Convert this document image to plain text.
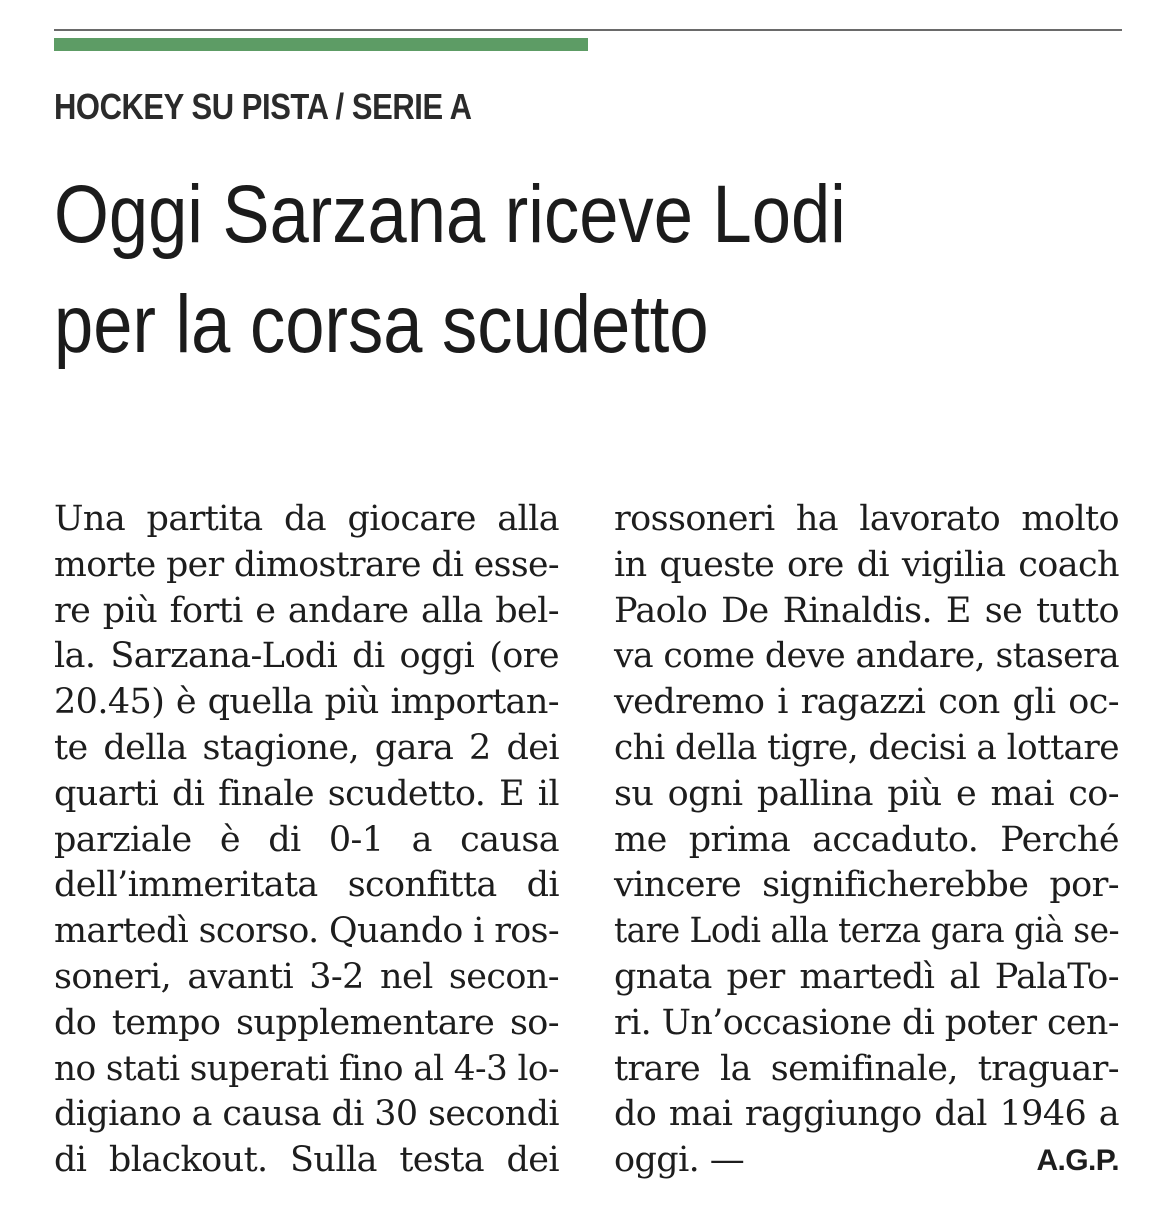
HOCKEY SU PISTA / SERIE A
Oggi Sarzana riceve Lodi
per la corsa scudetto
Una partita da giocare alla
morte per dimostrare di esse-
re più forti e andare alla bel-
la. Sarzana-Lodi di oggi (ore
20.45) è quella più importan-
te della stagione, gara 2 dei
quarti di finale scudetto. E il
parziale è di 0-1 a causa
dell’immeritata sconfitta di
martedì scorso. Quando i ros-
soneri, avanti 3-2 nel secon-
do tempo supplementare so-
no stati superati fino al 4-3 lo-
digiano a causa di 30 secondi
di blackout. Sulla testa dei
rossoneri ha lavorato molto
in queste ore di vigilia coach
Paolo De Rinaldis. E se tutto
va come deve andare, stasera
vedremo i ragazzi con gli oc-
chi della tigre, decisi a lottare
su ogni pallina più e mai co-
me prima accaduto. Perché
vincere significherebbe por-
tare Lodi alla terza gara già se-
gnata per martedì al PalaTo-
ri. Un’occasione di poter cen-
trare la semifinale, traguar-
do mai raggiungo dal 1946 a
oggi. —	A.G.P.
